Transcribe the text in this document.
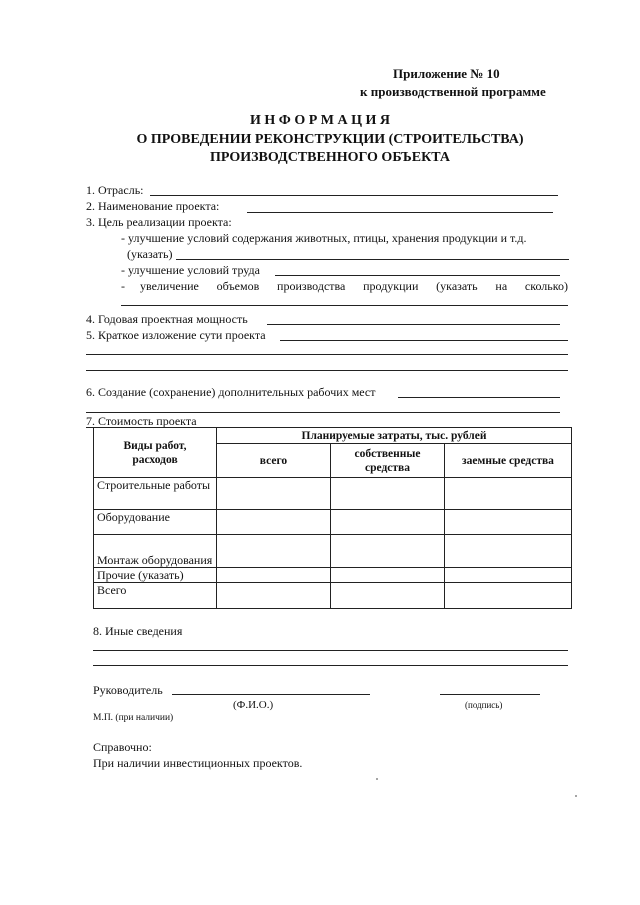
Приложение № 10
к производственной программе
И Н Ф О Р М А Ц И Я
О ПРОВЕДЕНИИ РЕКОНСТРУКЦИИ (СТРОИТЕЛЬСТВА)
ПРОИЗВОДСТВЕННОГО ОБЪЕКТА
1. Отрасль:
2. Наименование проекта:
3. Цель реализации проекта:
- улучшение условий содержания животных, птицы, хранения продукции и т.д.
(указать)
- улучшение условий труда
- увеличение объемов производства продукции (указать на сколько)
4. Годовая проектная мощность
5. Краткое изложение сути проекта
6. Создание (сохранение) дополнительных рабочих мест
7. Стоимость проекта
Виды работ, расходов	Планируемые затраты, тыс. рублей		
	всего	собственные средства	заемные средства
Строительные работы			
Оборудование			
Монтаж оборудования			
Прочие (указать)			
Всего			
8. Иные сведения
Руководитель
(Ф.И.О.)	(подпись)
М.П. (при наличии)
Справочно:
При наличии инвестиционных проектов.
